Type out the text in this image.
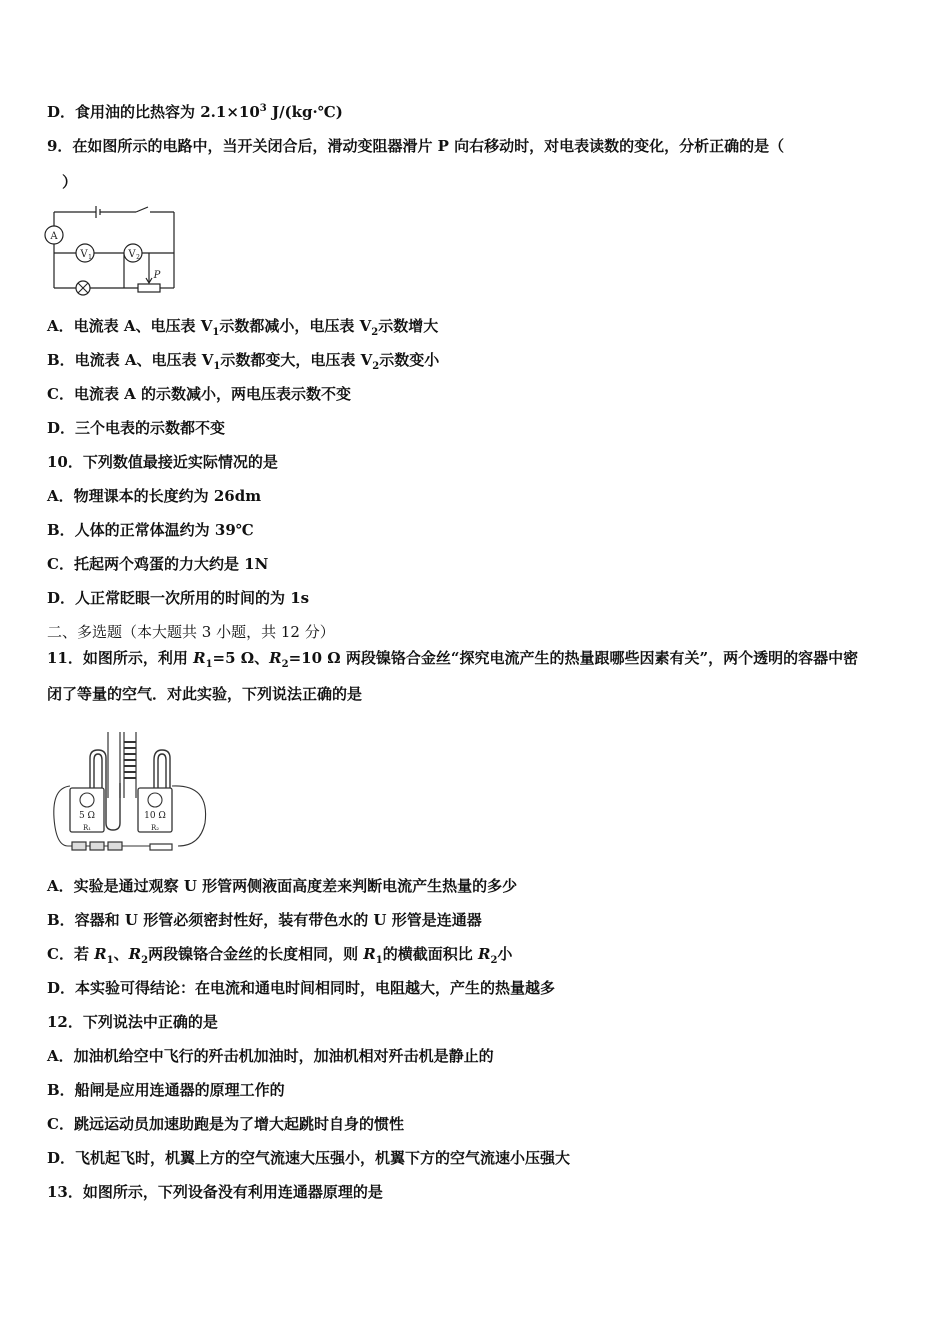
D．食用油的比热容为 $2.1\times 10^3$ J/(kg·℃)
9．在如图所示的电路中，当开关闭合后，滑动变阻器滑片 P 向右移动时，对电表读数的变化，分析正确的是（
）
A
V 1	V 2
P
A．电流表 A、电压表 $V_1$示数都减小，电压表 $V_2$示数增大
B．电流表 A、电压表 $V_1$示数都变大，电压表 $V_2$示数变小
C．电流表 A 的示数减小，两电压表示数不变
D．三个电表的示数都不变
10．下列数值最接近实际情况的是
A．物理课本的长度约为 26dm
B．人体的正常体温约为 39℃
C．托起两个鸡蛋的力大约是 1N
D．人正常眨眼一次所用的时间的为 1s
二、多选题（本大题共 3 小题，共 12 分）
11．如图所示，利用 $R_1=5$ Ω、$R_2=10$ Ω 两段镍铬合金丝“探究电流产生的热量跟哪些因素有关”，两个透明的容器中密
闭了等量的空气．对此实验，下列说法正确的是
5 Ω	10 Ω
R₁	R₂
A．实验是通过观察 U 形管两侧液面高度差来判断电流产生热量的多少
B．容器和 U 形管必须密封性好，装有带色水的 U 形管是连通器
C．若 $R_1$、$R_2$两段镍铬合金丝的长度相同，则 $R_1$的横截面积比 $R_2$小
D．本实验可得结论：在电流和通电时间相同时，电阻越大，产生的热量越多
12．下列说法中正确的是
A．加油机给空中飞行的歼击机加油时，加油机相对歼击机是静止的
B．船闸是应用连通器的原理工作的
C．跳远运动员加速助跑是为了增大起跳时自身的惯性
D．飞机起飞时，机翼上方的空气流速大压强小，机翼下方的空气流速小压强大
13．如图所示，下列设备没有利用连通器原理的是
